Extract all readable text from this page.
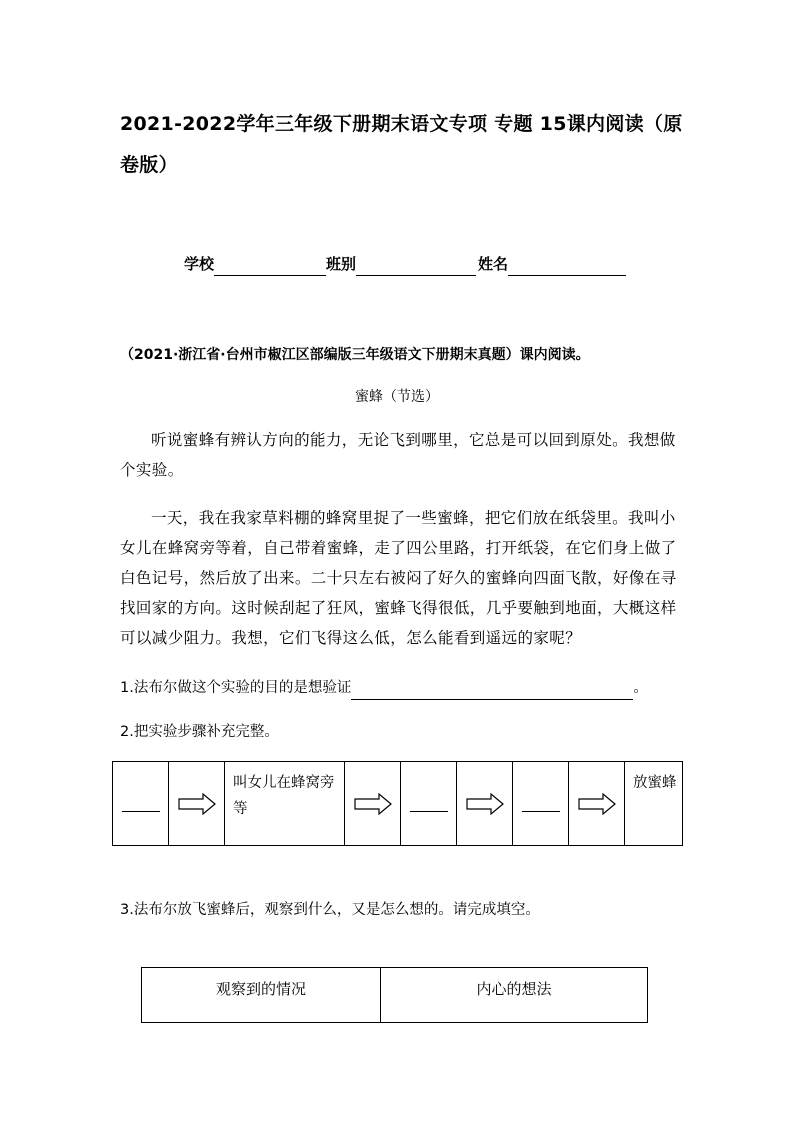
2021-2022学年三年级下册期末语文专项 专题 15课内阅读（原卷版）
学校	班别	姓名
（2021·浙江省·台州市椒江区部编版三年级语文下册期末真题）课内阅读。
蜜蜂（节选）

听说蜜蜂有辨认方向的能力，无论飞到哪里，它总是可以回到原处。我想做个实验。

一天，我在我家草料棚的蜂窝里捉了一些蜜蜂，把它们放在纸袋里。我叫小女儿在蜂窝旁等着，自己带着蜜蜂，走了四公里路，打开纸袋，在它们身上做了白色记号，然后放了出来。二十只左右被闷了好久的蜜蜂向四面飞散，好像在寻找回家的方向。这时候刮起了狂风，蜜蜂飞得很低，几乎要触到地面，大概这样可以减少阻力。我想，它们飞得这么低，怎么能看到遥远的家呢？

1.法布尔做这个实验的目的是想验证	。
2.把实验步骤补充完整。
		叫女儿在蜂窝旁等						放蜜蜂
3.法布尔放飞蜜蜂后，观察到什么，又是怎么想的。请完成填空。
观察到的情况	内心的想法
